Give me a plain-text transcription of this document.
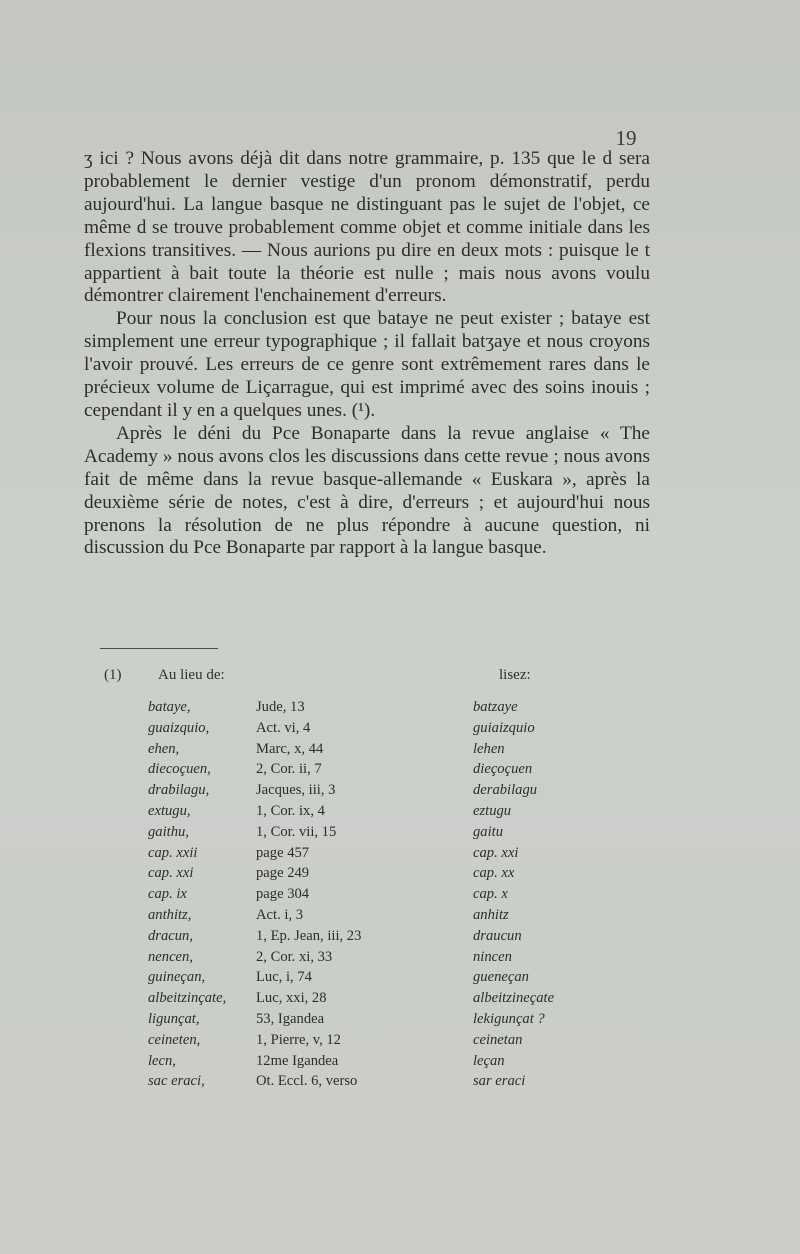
19

ʒ ici ? Nous avons déjà dit dans notre grammaire, p. 135 que le d sera probablement le dernier vestige d'un pronom démonstratif, perdu aujourd'hui. La langue basque ne distinguant pas le sujet de l'objet, ce même d se trouve probablement comme objet et comme initiale dans les flexions transitives. — Nous aurions pu dire en deux mots : puisque le t appartient à bait toute la théorie est nulle ; mais nous avons voulu démontrer clairement l'enchainement d'erreurs.

Pour nous la conclusion est que bataye ne peut exister ; bataye est simplement une erreur typographique ; il fallait batʒaye et nous croyons l'avoir prouvé. Les erreurs de ce genre sont extrêmement rares dans le précieux volume de Liçarrague, qui est imprimé avec des soins inouis ; cependant il y en a quelques unes. (¹).

Après le déni du Pce Bonaparte dans la revue anglaise « The Academy » nous avons clos les discussions dans cette revue ; nous avons fait de même dans la revue basque-allemande « Euskara », après la deuxième série de notes, c'est à dire, d'erreurs ; et aujourd'hui nous prenons la résolution de ne plus répondre à aucune question, ni discussion du Pce Bonaparte par rapport à la langue basque.

(1) Au lieu de:	lisez:
bataye,	Jude, 13	batzaye
guaizquio,	Act. vi, 4	guiaizquio
ehen,	Marc, x, 44	lehen
diecoçuen,	2, Cor. ii, 7	dieçoçuen
drabilagu,	Jacques, iii, 3	derabilagu
extugu,	1, Cor. ix, 4	eztugu
gaithu,	1, Cor. vii, 15	gaitu
cap. xxii	page 457	cap. xxi
cap. xxi	page 249	cap. xx
cap. ix	page 304	cap. x
anthitz,	Act. i, 3	anhitz
dracun,	1, Ep. Jean, iii, 23	draucun
nencen,	2, Cor. xi, 33	nincen
guineçan,	Luc, i, 74	gueneçan
albeitzinçate, Luc, xxi, 28	albeitzineçate
ligunçat,	53, Igandea	lekigunçat ?
ceineten,	1, Pierre, v, 12	ceinetan
lecn,	12me Igandea	leçan
sac eraci,	Ot. Eccl. 6, verso	sar eraci
